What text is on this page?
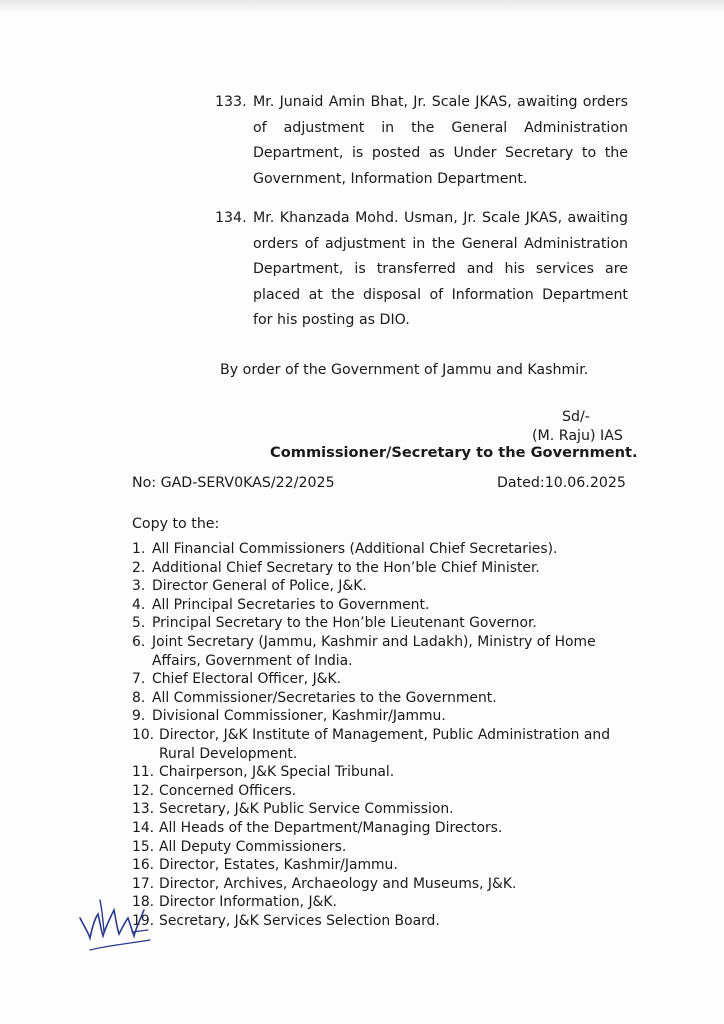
133. Mr. Junaid Amin Bhat, Jr. Scale JKAS, awaiting orders of adjustment in the General Administration Department, is posted as Under Secretary to the Government, Information Department.
134. Mr. Khanzada Mohd. Usman, Jr. Scale JKAS, awaiting orders of adjustment in the General Administration Department, is transferred and his services are placed at the disposal of Information Department for his posting as DIO.
By order of the Government of Jammu and Kashmir.
Sd/-
(M. Raju) IAS
Commissioner/Secretary to the Government.
No: GAD-SERV0KAS/22/2025	Dated:10.06.2025
Copy to the:
1. All Financial Commissioners (Additional Chief Secretaries).
2. Additional Chief Secretary to the Hon’ble Chief Minister.
3. Director General of Police, J&K.
4. All Principal Secretaries to Government.
5. Principal Secretary to the Hon’ble Lieutenant Governor.
6. Joint Secretary (Jammu, Kashmir and Ladakh), Ministry of Home Affairs, Government of India.
7. Chief Electoral Officer, J&K.
8. All Commissioner/Secretaries to the Government.
9. Divisional Commissioner, Kashmir/Jammu.
10. Director, J&K Institute of Management, Public Administration and Rural Development.
11. Chairperson, J&K Special Tribunal.
12. Concerned Officers.
13. Secretary, J&K Public Service Commission.
14. All Heads of the Department/Managing Directors.
15. All Deputy Commissioners.
16. Director, Estates, Kashmir/Jammu.
17. Director, Archives, Archaeology and Museums, J&K.
18. Director Information, J&K.
19. Secretary, J&K Services Selection Board.
